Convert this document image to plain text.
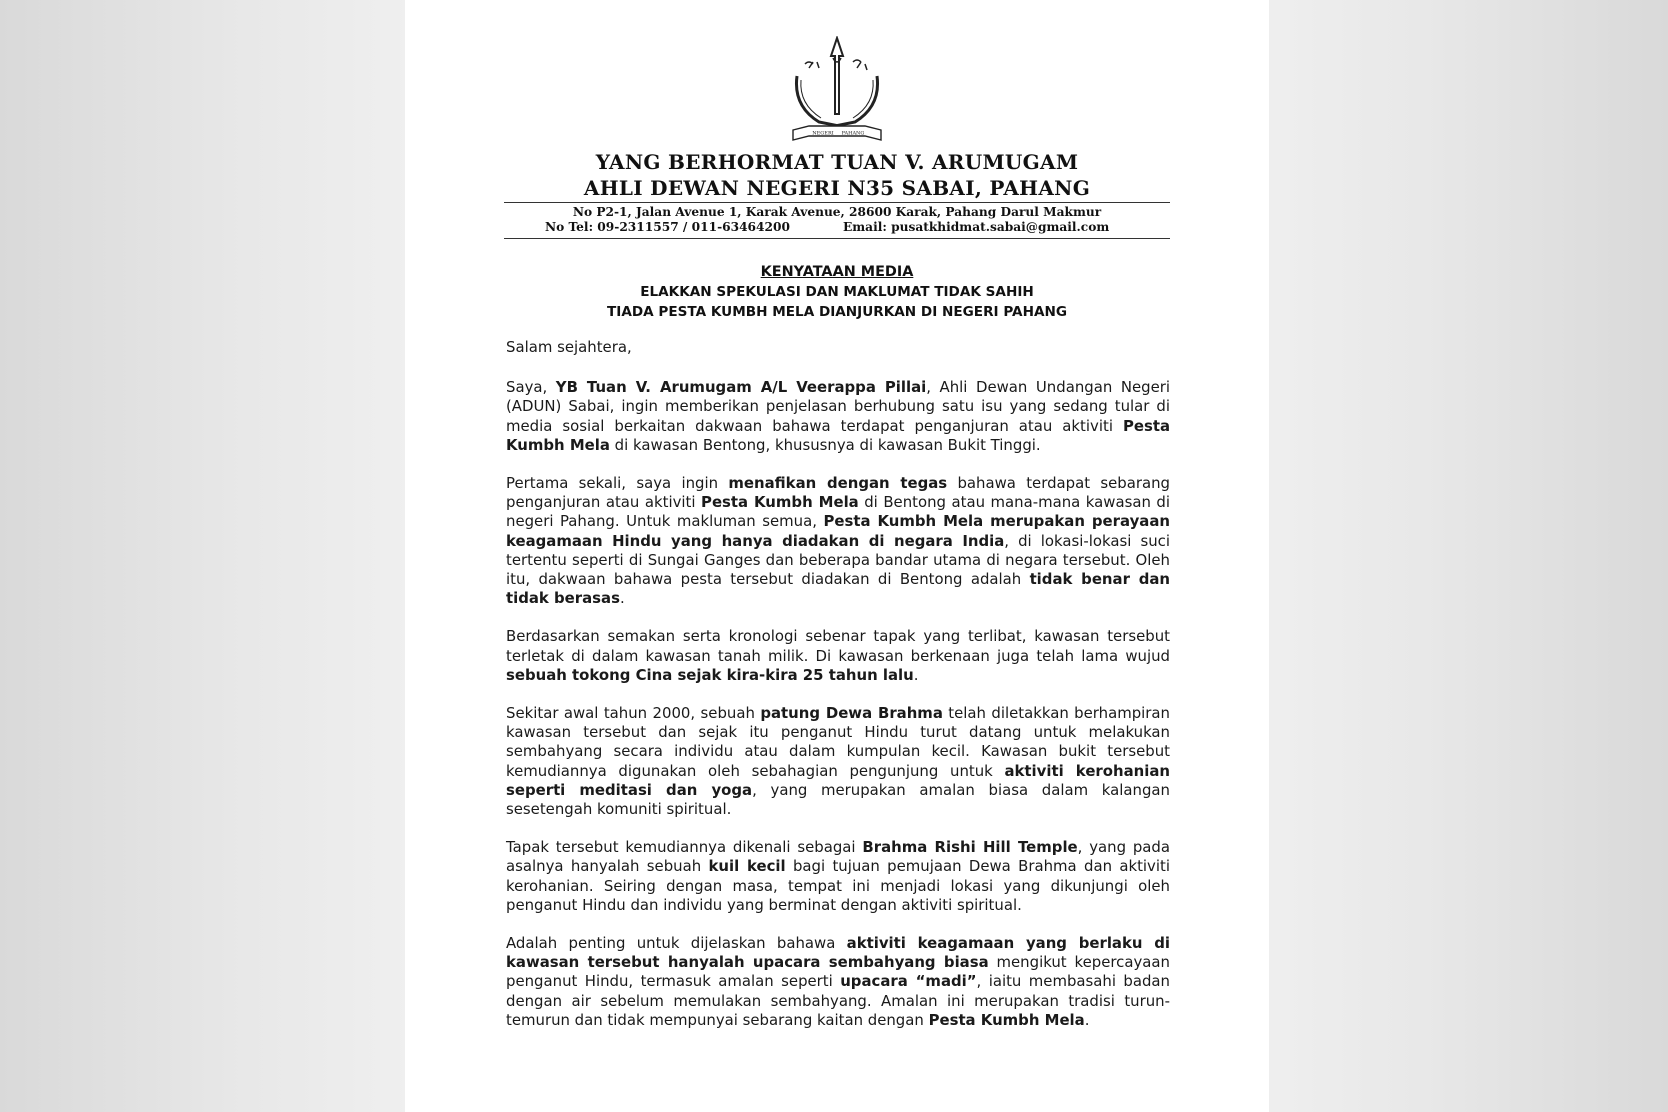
NEGERI PAHANG
YANG BERHORMAT TUAN V. ARUMUGAM
AHLI DEWAN NEGERI N35 SABAI, PAHANG
No P2-1, Jalan Avenue 1, Karak Avenue, 28600 Karak, Pahang Darul Makmur
No Tel: 09-2311557 / 011-63464200	Email: pusatkhidmat.sabai@gmail.com
KENYATAAN MEDIA
ELAKKAN SPEKULASI DAN MAKLUMAT TIDAK SAHIH
TIADA PESTA KUMBH MELA DIANJURKAN DI NEGERI PAHANG

Salam sejahtera,

Saya, YB Tuan V. Arumugam A/L Veerappa Pillai, Ahli Dewan Undangan Negeri (ADUN) Sabai, ingin memberikan penjelasan berhubung satu isu yang sedang tular di media sosial berkaitan dakwaan bahawa terdapat penganjuran atau aktiviti Pesta Kumbh Mela di kawasan Bentong, khususnya di kawasan Bukit Tinggi.

Pertama sekali, saya ingin menafikan dengan tegas bahawa terdapat sebarang penganjuran atau aktiviti Pesta Kumbh Mela di Bentong atau mana-mana kawasan di negeri Pahang. Untuk makluman semua, Pesta Kumbh Mela merupakan perayaan keagamaan Hindu yang hanya diadakan di negara India, di lokasi-lokasi suci tertentu seperti di Sungai Ganges dan beberapa bandar utama di negara tersebut. Oleh itu, dakwaan bahawa pesta tersebut diadakan di Bentong adalah tidak benar dan tidak berasas.

Berdasarkan semakan serta kronologi sebenar tapak yang terlibat, kawasan tersebut terletak di dalam kawasan tanah milik. Di kawasan berkenaan juga telah lama wujud sebuah tokong Cina sejak kira-kira 25 tahun lalu.

Sekitar awal tahun 2000, sebuah patung Dewa Brahma telah diletakkan berhampiran kawasan tersebut dan sejak itu penganut Hindu turut datang untuk melakukan sembahyang secara individu atau dalam kumpulan kecil. Kawasan bukit tersebut kemudiannya digunakan oleh sebahagian pengunjung untuk aktiviti kerohanian seperti meditasi dan yoga, yang merupakan amalan biasa dalam kalangan sesetengah komuniti spiritual.

Tapak tersebut kemudiannya dikenali sebagai Brahma Rishi Hill Temple, yang pada asalnya hanyalah sebuah kuil kecil bagi tujuan pemujaan Dewa Brahma dan aktiviti kerohanian. Seiring dengan masa, tempat ini menjadi lokasi yang dikunjungi oleh penganut Hindu dan individu yang berminat dengan aktiviti spiritual.

Adalah penting untuk dijelaskan bahawa aktiviti keagamaan yang berlaku di kawasan tersebut hanyalah upacara sembahyang biasa mengikut kepercayaan penganut Hindu, termasuk amalan seperti upacara “madi”, iaitu membasahi badan dengan air sebelum memulakan sembahyang. Amalan ini merupakan tradisi turun-temurun dan tidak mempunyai sebarang kaitan dengan Pesta Kumbh Mela.
